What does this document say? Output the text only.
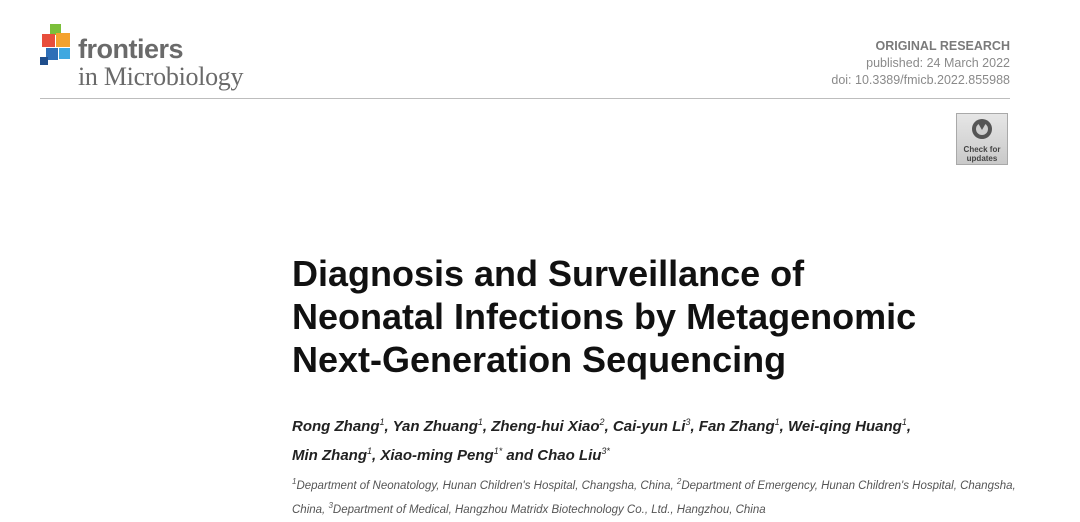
frontiers
in Microbiology
ORIGINAL RESEARCH
published: 24 March 2022
doi: 10.3389/fmicb.2022.855988
Check for
updates
Diagnosis and Surveillance of
Neonatal Infections by Metagenomic
Next-Generation Sequencing
Rong Zhang$^1$, Yan Zhuang$^1$, Zheng-hui Xiao$^2$, Cai-yun Li$^3$, Fan Zhang$^1$, Wei-qing Huang$^1$,
Min Zhang$^1$, Xiao-ming Peng$^{1*}$ and Chao Liu$^{3*}$
$^1$Department of Neonatology, Hunan Children's Hospital, Changsha, China, $^2$Department of Emergency, Hunan Children's Hospital, Changsha, China, $^3$Department of Medical, Hangzhou Matridx Biotechnology Co., Ltd., Hangzhou, China
